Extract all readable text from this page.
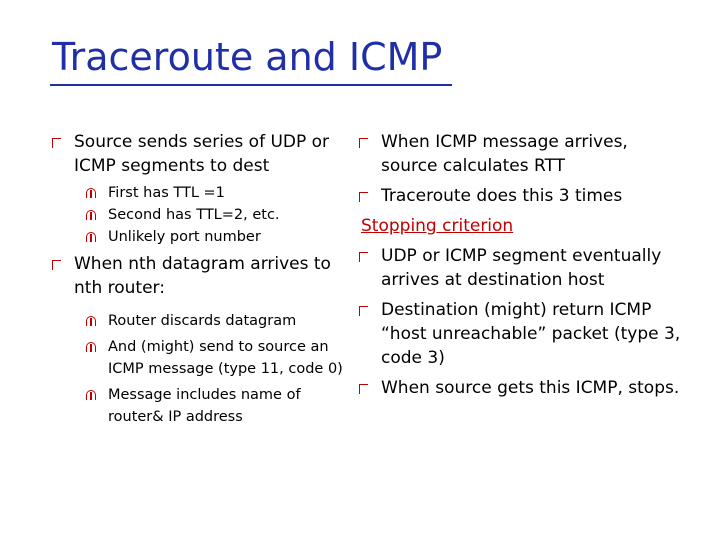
Traceroute and ICMP
Source sends series of UDP or ICMP segments to dest
First has TTL =1
Second has TTL=2, etc.
Unlikely port number
When nth datagram arrives to nth router:
Router discards datagram
And (might) send to source an ICMP message (type 11, code 0)
Message includes name of router& IP address
When ICMP message arrives, source calculates RTT
Traceroute does this 3 times
Stopping criterion
UDP or ICMP segment eventually arrives at destination host
Destination (might) return ICMP “host unreachable” packet (type 3, code 3)
When source gets this ICMP, stops.
